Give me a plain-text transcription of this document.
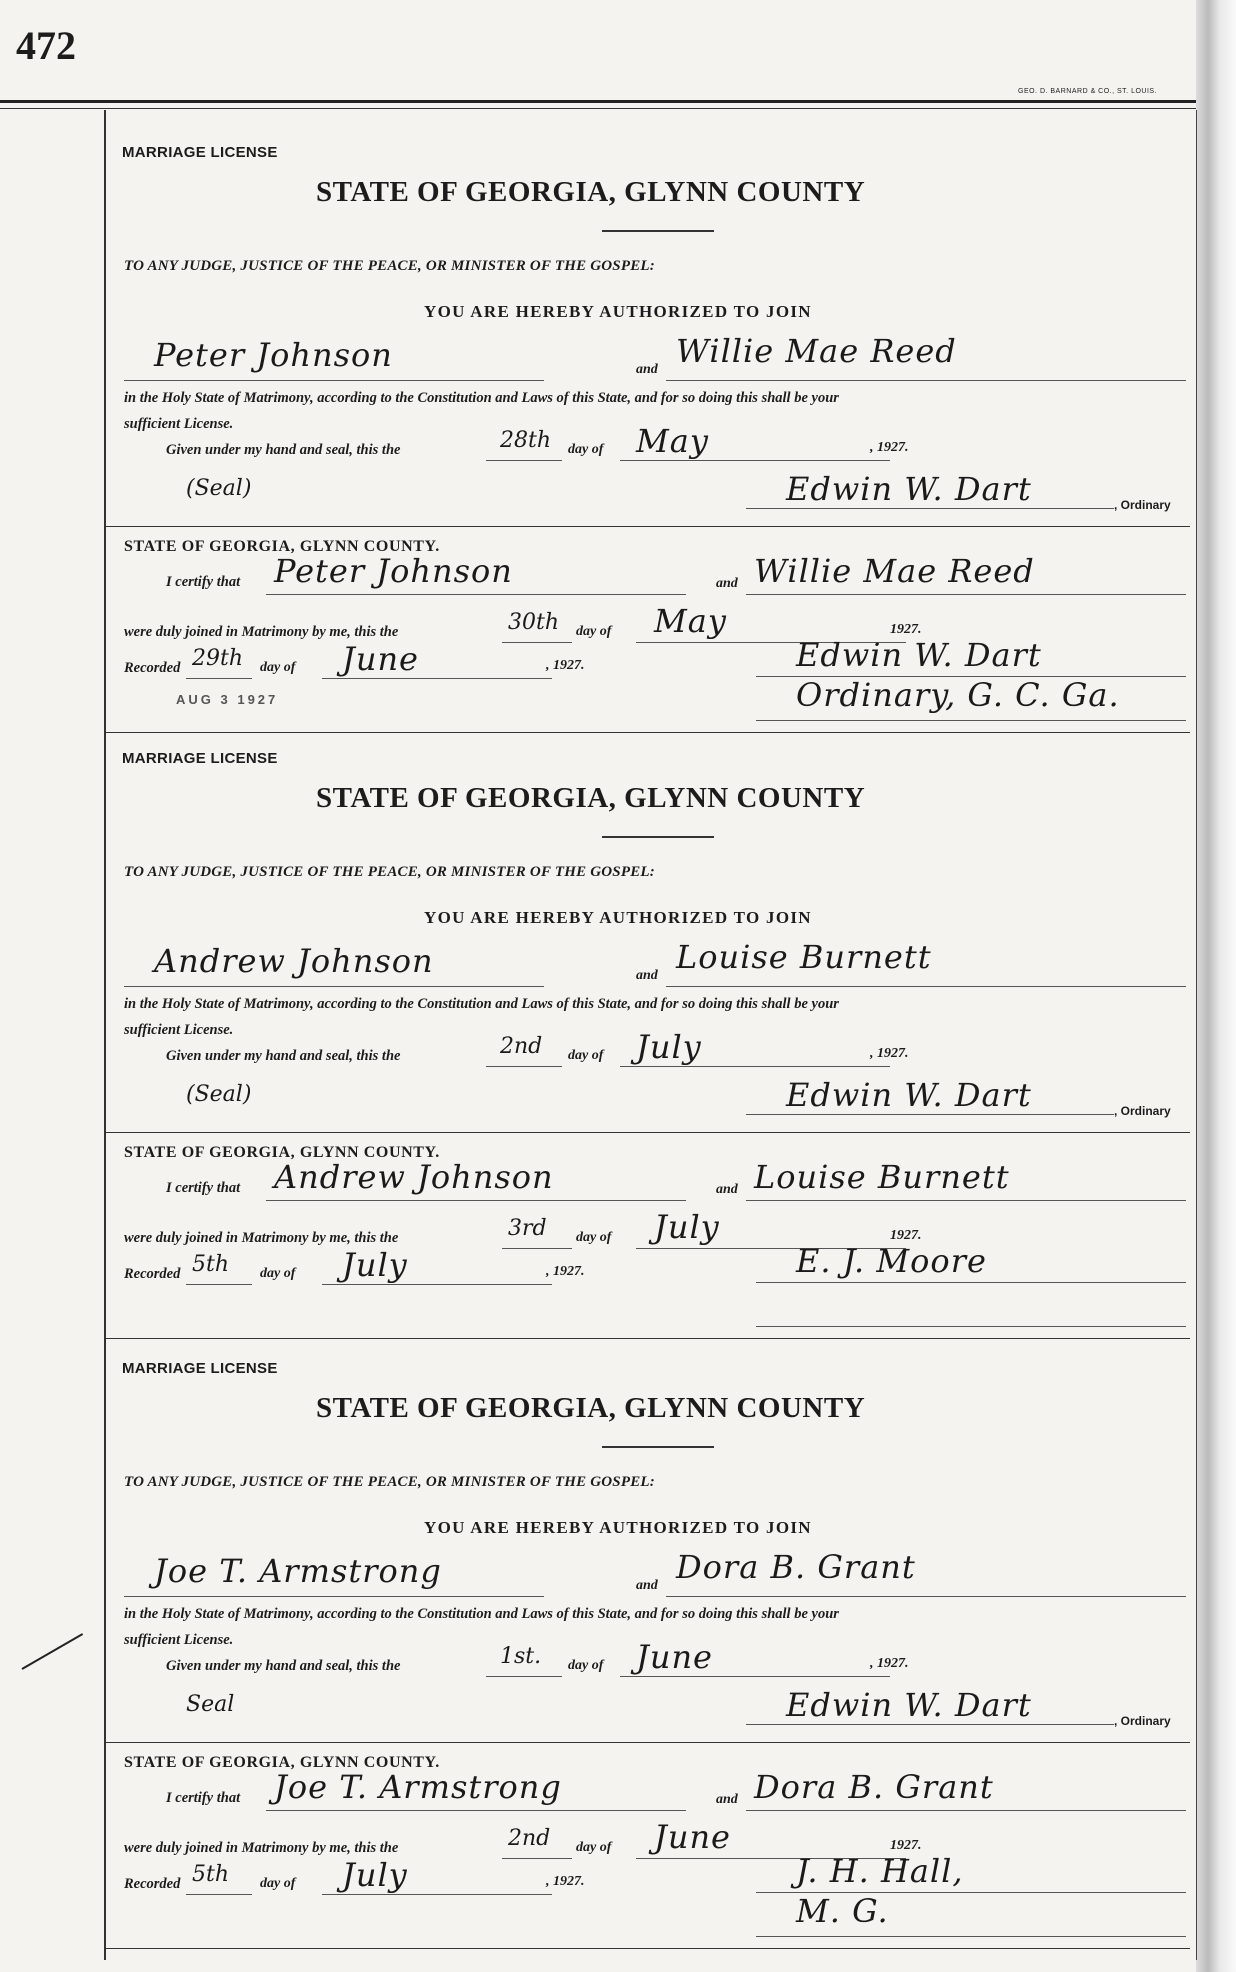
472
GEO. D. BARNARD & CO., ST. LOUIS.
MARRIAGE LICENSE
STATE OF GEORGIA, GLYNN COUNTY
TO ANY JUDGE, JUSTICE OF THE PEACE, OR MINISTER OF THE GOSPEL:
YOU ARE HEREBY AUTHORIZED TO JOIN
Peter Johnson	and Willie Mae Reed
in the Holy State of Matrimony, according to the Constitution and Laws of this State, and for so doing this shall be your
sufficient License.
Given under my hand and seal, this the	28th day of May	, 1927.
(Seal)	Edwin W. Dart	, Ordinary
STATE OF GEORGIA, GLYNN COUNTY.
I certify that Peter Johnson	and Willie Mae Reed
were duly joined in Matrimony by me, this the	30th day of May	1927.
Recorded 29th day of June	, 1927.
AUG 3 1927
Edwin W. Dart
Ordinary, G. C. Ga.
MARRIAGE LICENSE
STATE OF GEORGIA, GLYNN COUNTY
TO ANY JUDGE, JUSTICE OF THE PEACE, OR MINISTER OF THE GOSPEL:
YOU ARE HEREBY AUTHORIZED TO JOIN
Andrew Johnson	and Louise Burnett
in the Holy State of Matrimony, according to the Constitution and Laws of this State, and for so doing this shall be your
sufficient License.
Given under my hand and seal, this the	2nd day of July	, 1927.
(Seal)	Edwin W. Dart	, Ordinary
STATE OF GEORGIA, GLYNN COUNTY.
I certify that Andrew Johnson	and Louise Burnett
were duly joined in Matrimony by me, this the	3rd day of July	1927.
Recorded 5th day of July	, 1927.	E. J. Moore
MARRIAGE LICENSE
STATE OF GEORGIA, GLYNN COUNTY
TO ANY JUDGE, JUSTICE OF THE PEACE, OR MINISTER OF THE GOSPEL:
YOU ARE HEREBY AUTHORIZED TO JOIN
Joe T. Armstrong	and Dora B. Grant
in the Holy State of Matrimony, according to the Constitution and Laws of this State, and for so doing this shall be your
sufficient License.
Given under my hand and seal, this the	1st. day of June	, 1927.
Seal	Edwin W. Dart	, Ordinary
STATE OF GEORGIA, GLYNN COUNTY.
I certify that Joe T. Armstrong	and Dora B. Grant
were duly joined in Matrimony by me, this the	2nd day of June	1927.
Recorded 5th day of July	, 1927.	J. H. Hall,
M. G.
